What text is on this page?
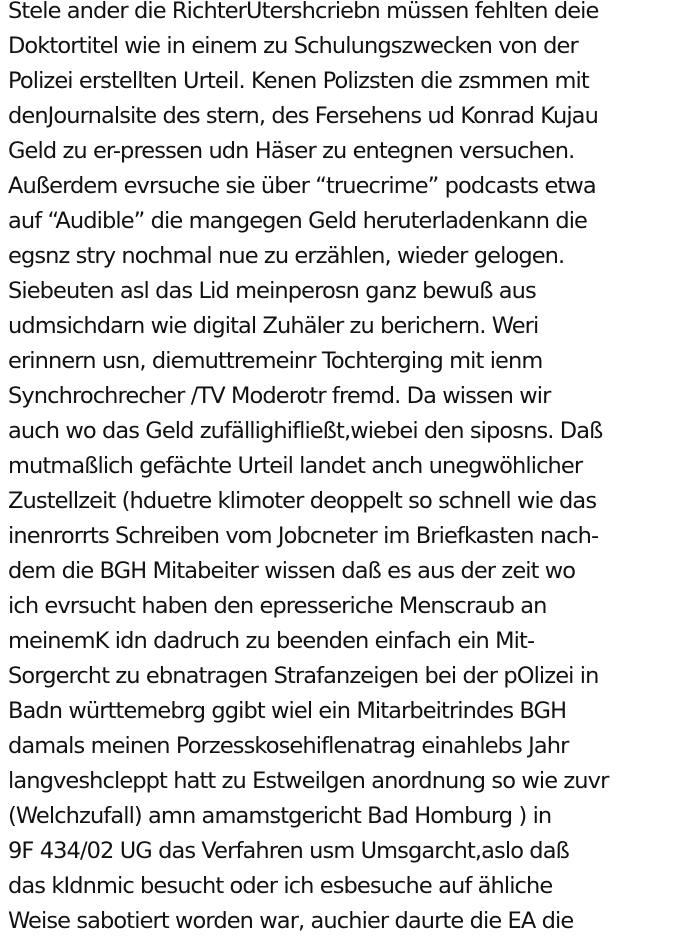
Stele ander die RichterUtershcriebn müssen fehlten deie
Doktortitel wie in einem zu Schulungszwecken von der
Polizei erstellten Urteil. Kenen Polizsten die zsmmen mit
denJournalsite des stern, des Fersehens ud Konrad Kujau
Geld zu er-pressen udn Häser zu entegnen versuchen.
Außerdem evrsuche sie über “truecrime” podcasts etwa
auf “Audible” die mangegen Geld heruterladenkann die
egsnz stry nochmal nue zu erzählen, wieder gelogen.
Siebeuten asl das Lid meinperosn ganz bewuß aus
udmsichdarn wie digital Zuhäler zu berichern. Weri
erinnern usn, diemuttremeinr Tochterging mit ienm
Synchrochrecher /TV Moderotr fremd. Da wissen wir
auch wo das Geld zufällighifließt,wiebei den siposns. Daß
mutmaßlich gefächte Urteil landet anch unegwöhlicher
Zustellzeit (hduetre klimoter deoppelt so schnell wie das
inenrorrts Schreiben vom Jobcneter im Briefkasten nach-
dem die BGH Mitabeiter wissen daß es aus der zeit wo
ich evrsucht haben den epresseriche Menscraub an
meinemK idn dadruch zu beenden einfach ein Mit-
Sorgercht zu ebnatragen Strafanzeigen bei der pOlizei in
Badn württemebrg ggibt wiel ein Mitarbeitrindes BGH
damals meinen Porzesskosehiflenatrag einahlebs Jahr
langveshcleppt hatt zu Estweilgen anordnung so wie zuvr
(Welchzufall) amn amamstgericht Bad Homburg ) in
9F 434/02 UG das Verfahren usm Umsgarcht,aslo daß
das kIdnmic besucht oder ich esbesuche auf ähliche
Weise sabotiert worden war, auchier daurte die EA die
